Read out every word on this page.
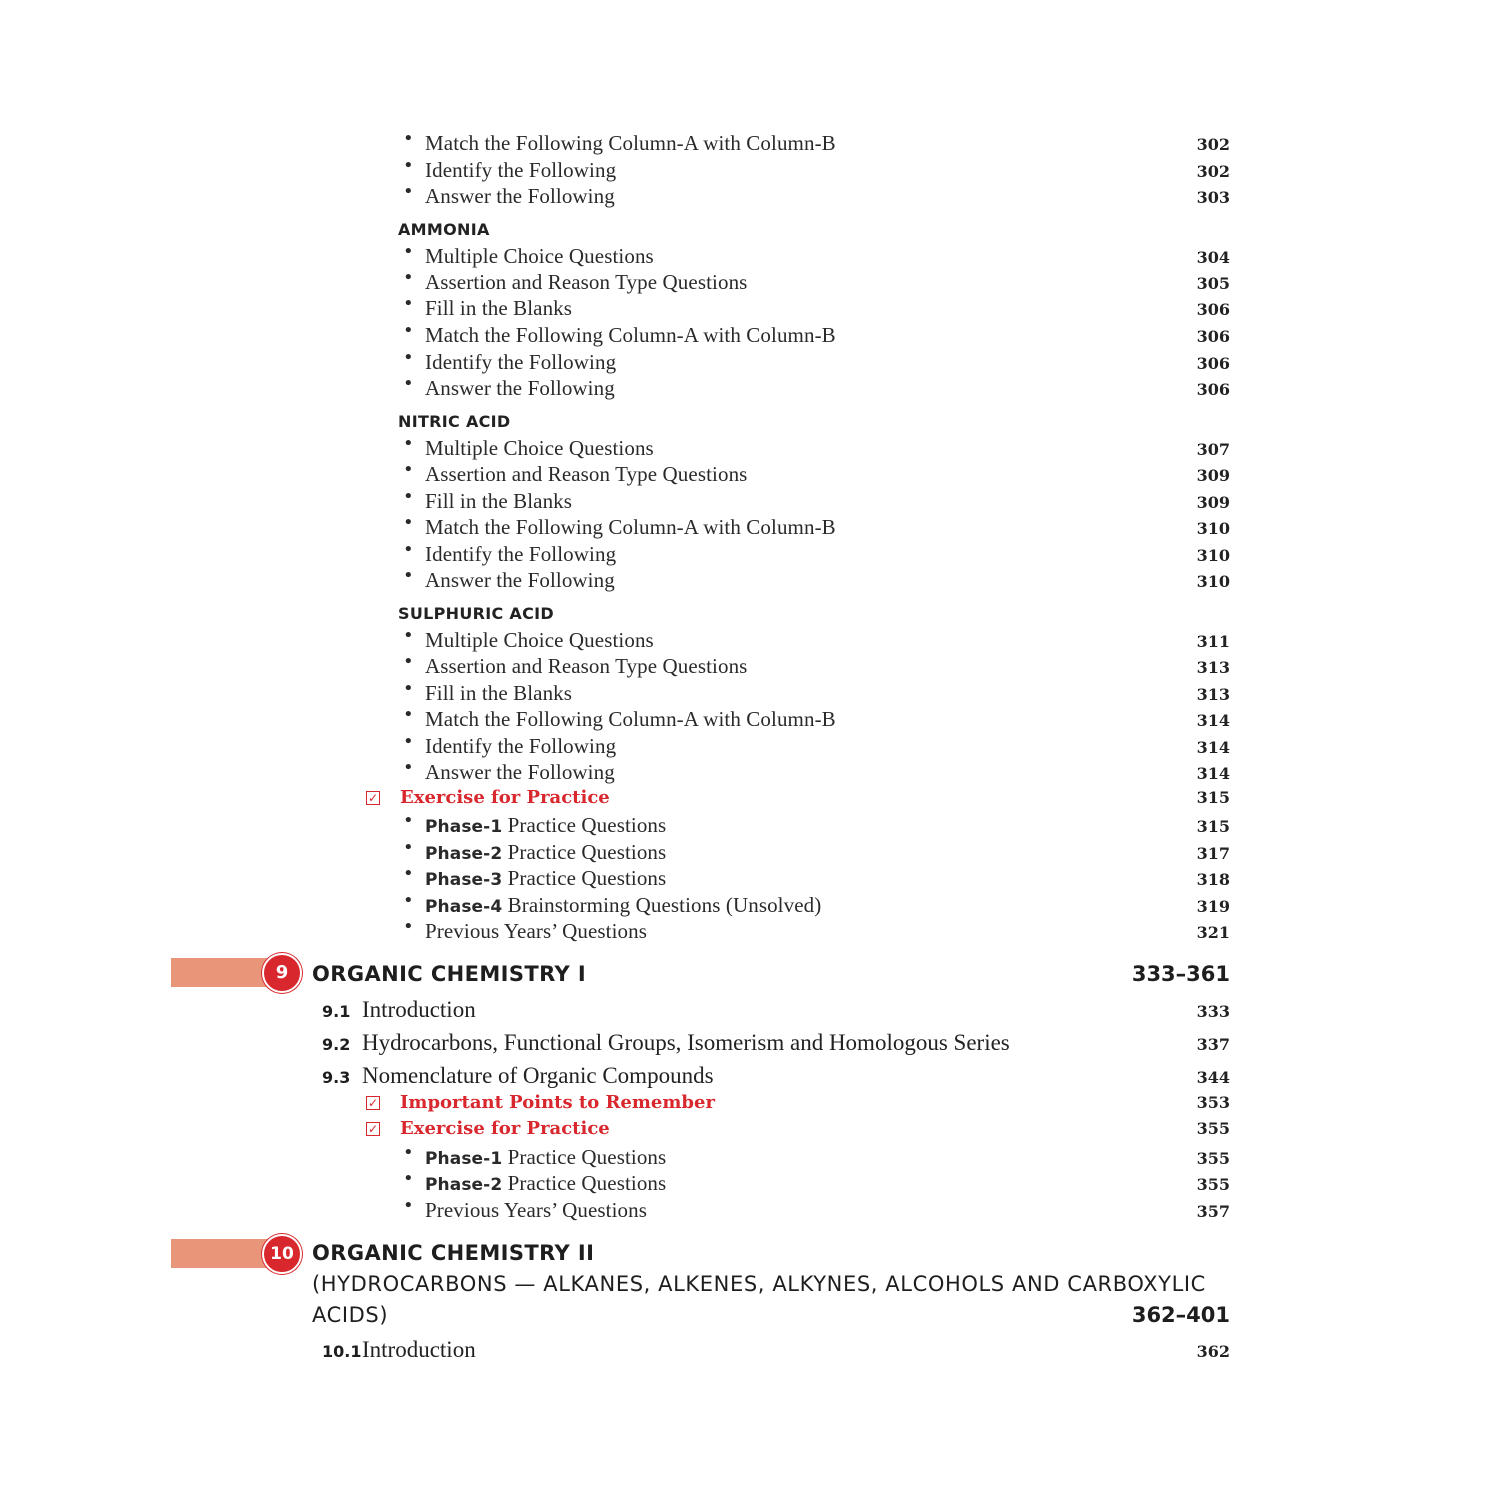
• Match the Following Column-A with Column-B	302
• Identify the Following	302
• Answer the Following	303
AMMONIA
• Multiple Choice Questions	304
• Assertion and Reason Type Questions	305
• Fill in the Blanks	306
• Match the Following Column-A with Column-B	306
• Identify the Following	306
• Answer the Following	306
NITRIC ACID
• Multiple Choice Questions	307
• Assertion and Reason Type Questions	309
• Fill in the Blanks	309
• Match the Following Column-A with Column-B	310
• Identify the Following	310
• Answer the Following	310
SULPHURIC ACID
• Multiple Choice Questions	311
• Assertion and Reason Type Questions	313
• Fill in the Blanks	313
• Match the Following Column-A with Column-B	314
• Identify the Following	314
• Answer the Following	314
✓ Exercise for Practice	315
• Phase-1 Practice Questions	315
• Phase-2 Practice Questions	317
• Phase-3 Practice Questions	318
• Phase-4 Brainstorming Questions (Unsolved)	319
• Previous Years’ Questions	321
9	ORGANIC CHEMISTRY I	333–361
9.1 Introduction	333
9.2 Hydrocarbons, Functional Groups, Isomerism and Homologous Series	337
9.3 Nomenclature of Organic Compounds	344
✓ Important Points to Remember	353
✓ Exercise for Practice	355
• Phase-1 Practice Questions	355
• Phase-2 Practice Questions	355
• Previous Years’ Questions	357
10 ORGANIC CHEMISTRY II
(HYDROCARBONS — ALKANES, ALKENES, ALKYNES, ALCOHOLS AND CARBOXYLIC
ACIDS)	362–401
10.1 Introduction	362
